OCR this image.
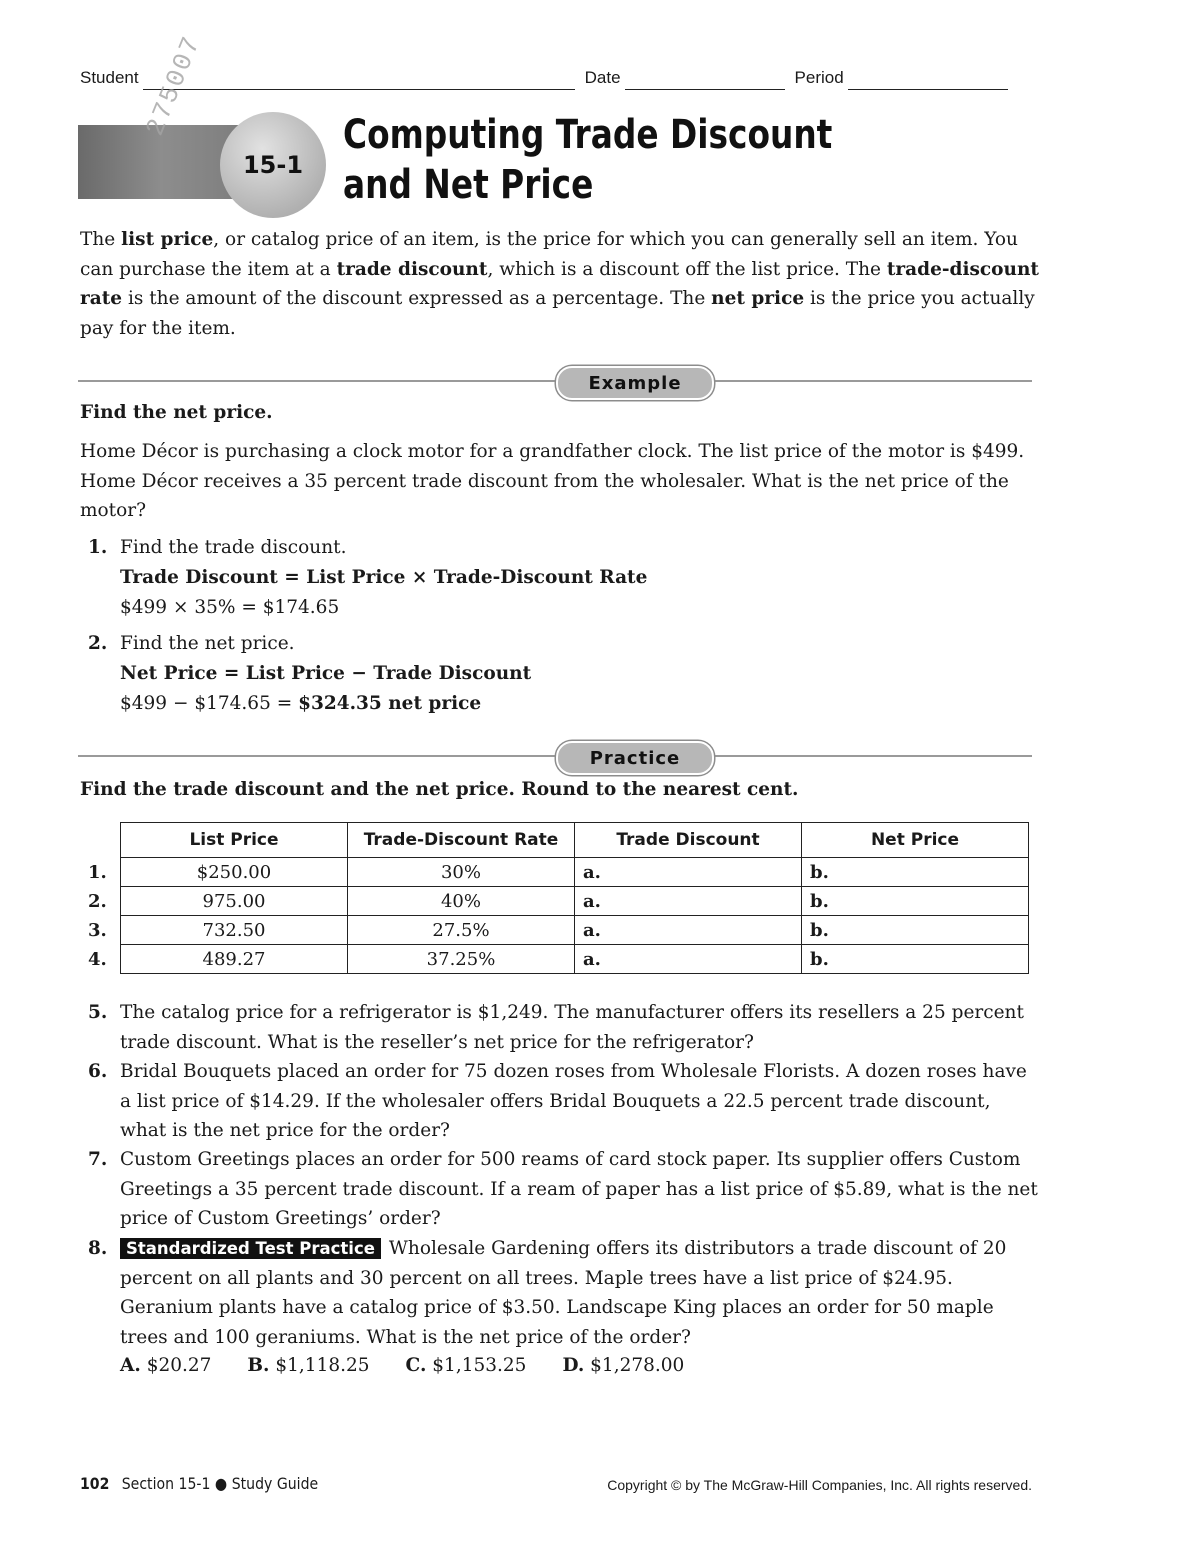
Student	Date	Period
275007
15-1
Computing Trade Discount
and Net Price
The list price, or catalog price of an item, is the price for which you can generally sell an item. You can purchase the item at a trade discount, which is a discount off the list price. The trade-discount rate is the amount of the discount expressed as a percentage. The net price is the price you actually pay for the item.
Example
Find the net price.
Home Décor is purchasing a clock motor for a grandfather clock. The list price of the motor is $499. Home Décor receives a 35 percent trade discount from the wholesaler. What is the net price of the motor?
1. Find the trade discount.
Trade Discount = List Price × Trade-Discount Rate
$499 × 35% = $174.65
2. Find the net price.
Net Price = List Price − Trade Discount
$499 − $174.65 = $324.35 net price
Practice
Find the trade discount and the net price. Round to the nearest cent.
	List Price	Trade-Discount Rate	Trade Discount	Net Price
1.	$250.00	30%	a.	b.
2.	975.00	40%	a.	b.
3.	732.50	27.5%	a.	b.
4.	489.27	37.25%	a.	b.
5. The catalog price for a refrigerator is $1,249. The manufacturer offers its resellers a 25 percent trade discount. What is the reseller’s net price for the refrigerator?
6. Bridal Bouquets placed an order for 75 dozen roses from Wholesale Florists. A dozen roses have a list price of $14.29. If the wholesaler offers Bridal Bouquets a 22.5 percent trade discount, what is the net price for the order?
7. Custom Greetings places an order for 500 reams of card stock paper. Its supplier offers Custom Greetings a 35 percent trade discount. If a ream of paper has a list price of $5.89, what is the net price of Custom Greetings’ order?
8.	Standardized Test Practice Wholesale Gardening offers its distributors a trade discount of 20 percent on all plants and 30 percent on all trees. Maple trees have a list price of $24.95. Geranium plants have a catalog price of $3.50. Landscape King places an order for 50 maple trees and 100 geraniums. What is the net price of the order?
A. $20.27 B. $1,118.25 C. $1,153.25 D. $1,278.00
102 Section 15-1 ● Study Guide	Copyright © by The McGraw-Hill Companies, Inc. All rights reserved.
